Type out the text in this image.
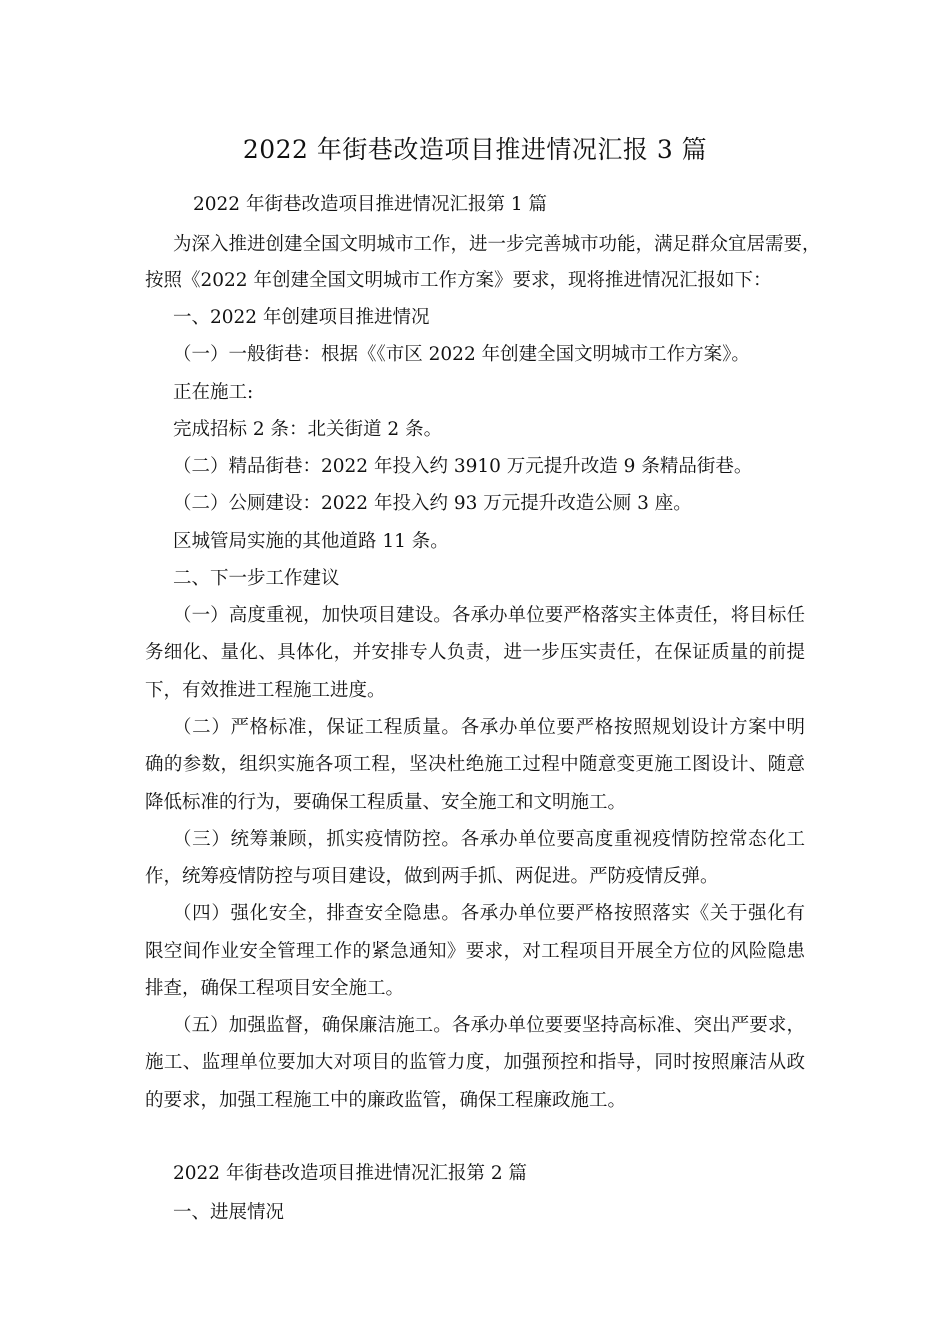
2022 年街巷改造项目推进情况汇报 3 篇
2022 年街巷改造项目推进情况汇报第 1 篇
为深入推进创建全国文明城市工作，进一步完善城市功能，满足群众宜居需要，
按照《2022 年创建全国文明城市工作方案》要求，现将推进情况汇报如下：
一、2022 年创建项目推进情况
（一）一般街巷：根据《《市区 2022 年创建全国文明城市工作方案》。
正在施工:
完成招标 2 条：北关街道 2 条。
（二）精品街巷：2022 年投入约 3910 万元提升改造 9 条精品街巷。
（二）公厕建设：2022 年投入约 93 万元提升改造公厕 3 座。
区城管局实施的其他道路 11 条。
二、下一步工作建议
（一）高度重视，加快项目建设。各承办单位要严格落实主体责任，将目标任
务细化、量化、具体化，并安排专人负责，进一步压实责任，在保证质量的前提
下，有效推进工程施工进度。
（二）严格标准，保证工程质量。各承办单位要严格按照规划设计方案中明
确的参数，组织实施各项工程，坚决杜绝施工过程中随意变更施工图设计、随意
降低标准的行为，要确保工程质量、安全施工和文明施工。
（三）统筹兼顾，抓实疫情防控。各承办单位要高度重视疫情防控常态化工
作，统筹疫情防控与项目建设，做到两手抓、两促进。严防疫情反弹。
（四）强化安全，排查安全隐患。各承办单位要严格按照落实《关于强化有
限空间作业安全管理工作的紧急通知》要求，对工程项目开展全方位的风险隐患
排查，确保工程项目安全施工。
（五）加强监督，确保廉洁施工。各承办单位要要坚持高标准、突出严要求，
施工、监理单位要加大对项目的监管力度，加强预控和指导，同时按照廉洁从政
的要求，加强工程施工中的廉政监管，确保工程廉政施工。
2022 年街巷改造项目推进情况汇报第 2 篇
一、进展情况
